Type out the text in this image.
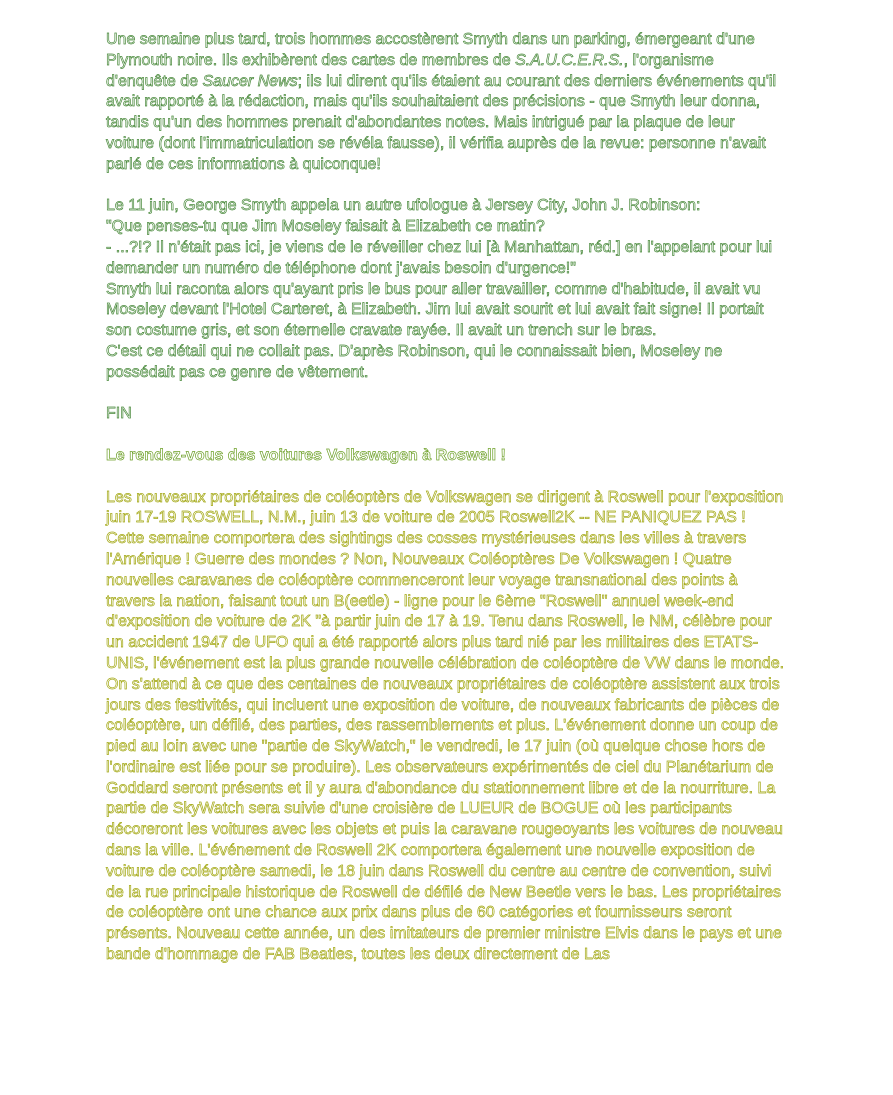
Une semaine plus tard, trois hommes accostèrent Smyth dans un parking, émergeant d'une Plymouth noire. Ils exhibèrent des cartes de membres de S.A.U.C.E.R.S., l'organisme d'enquête de Saucer News; ils lui dirent qu'ils étaient au courant des derniers événements qu'il avait rapporté à la rédaction, mais qu'ils souhaitaient des précisions - que Smyth leur donna, tandis qu'un des hommes prenait d'abondantes notes. Mais intrigué par la plaque de leur voiture (dont l'immatriculation se révéla fausse), il vérifia auprès de la revue: personne n'avait parlé de ces informations à quiconque!

Le 11 juin, George Smyth appela un autre ufologue à Jersey City, John J. Robinson:

"Que penses-tu que Jim Moseley faisait à Elizabeth ce matin?

- ...?!? Il n'était pas ici, je viens de le réveiller chez lui [à Manhattan, réd.] en l'appelant pour lui demander un numéro de téléphone dont j'avais besoin d'urgence!"

Smyth lui raconta alors qu'ayant pris le bus pour aller travailler, comme d'habitude, il avait vu Moseley devant l'Hotel Carteret, à Elizabeth. Jim lui avait sourit et lui avait fait signe! Il portait son costume gris, et son éternelle cravate rayée. Il avait un trench sur le bras.

C'est ce détail qui ne collait pas. D'après Robinson, qui le connaissait bien, Moseley ne possédait pas ce genre de vêtement.

FIN

Le rendez-vous des voitures Volkswagen à Roswell !

Les nouveaux propriétaires de coléoptèrs de Volkswagen se dirigent à Roswell pour l'exposition juin 17-19 ROSWELL, N.M., juin 13 de voiture de 2005 Roswell2K -- NE PANIQUEZ PAS ! Cette semaine comportera des sightings des cosses mystérieuses dans les villes à travers l'Amérique ! Guerre des mondes ? Non, Nouveaux Coléoptères De Volkswagen ! Quatre nouvelles caravanes de coléoptère commenceront leur voyage transnational des points à travers la nation, faisant tout un B(eetle) - ligne pour le 6ème "Roswell" annuel week-end d'exposition de voiture de 2K "à partir juin de 17 à 19. Tenu dans Roswell, le NM, célèbre pour un accident 1947 de UFO qui a été rapporté alors plus tard nié par les militaires des ETATS-UNIS, l'événement est la plus grande nouvelle célébration de coléoptère de VW dans le monde. On s'attend à ce que des centaines de nouveaux propriétaires de coléoptère assistent aux trois jours des festivités, qui incluent une exposition de voiture, de nouveaux fabricants de pièces de coléoptère, un défilé, des parties, des rassemblements et plus. L'événement donne un coup de pied au loin avec une "partie de SkyWatch," le vendredi, le 17 juin (où quelque chose hors de l'ordinaire est liée pour se produire). Les observateurs expérimentés de ciel du Planétarium de Goddard seront présents et il y aura d'abondance du stationnement libre et de la nourriture. La partie de SkyWatch sera suivie d'une croisière de LUEUR de BOGUE où les participants décoreront les voitures avec les objets et puis la caravane rougeoyants les voitures de nouveau dans la ville. L'événement de Roswell 2K comportera également une nouvelle exposition de voiture de coléoptère samedi, le 18 juin dans Roswell du centre au centre de convention, suivi de la rue principale historique de Roswell de défilé de New Beetle vers le bas. Les propriétaires de coléoptère ont une chance aux prix dans plus de 60 catégories et fournisseurs seront présents. Nouveau cette année, un des imitateurs de premier ministre Elvis dans le pays et une bande d'hommage de FAB Beatles, toutes les deux directement de Las
